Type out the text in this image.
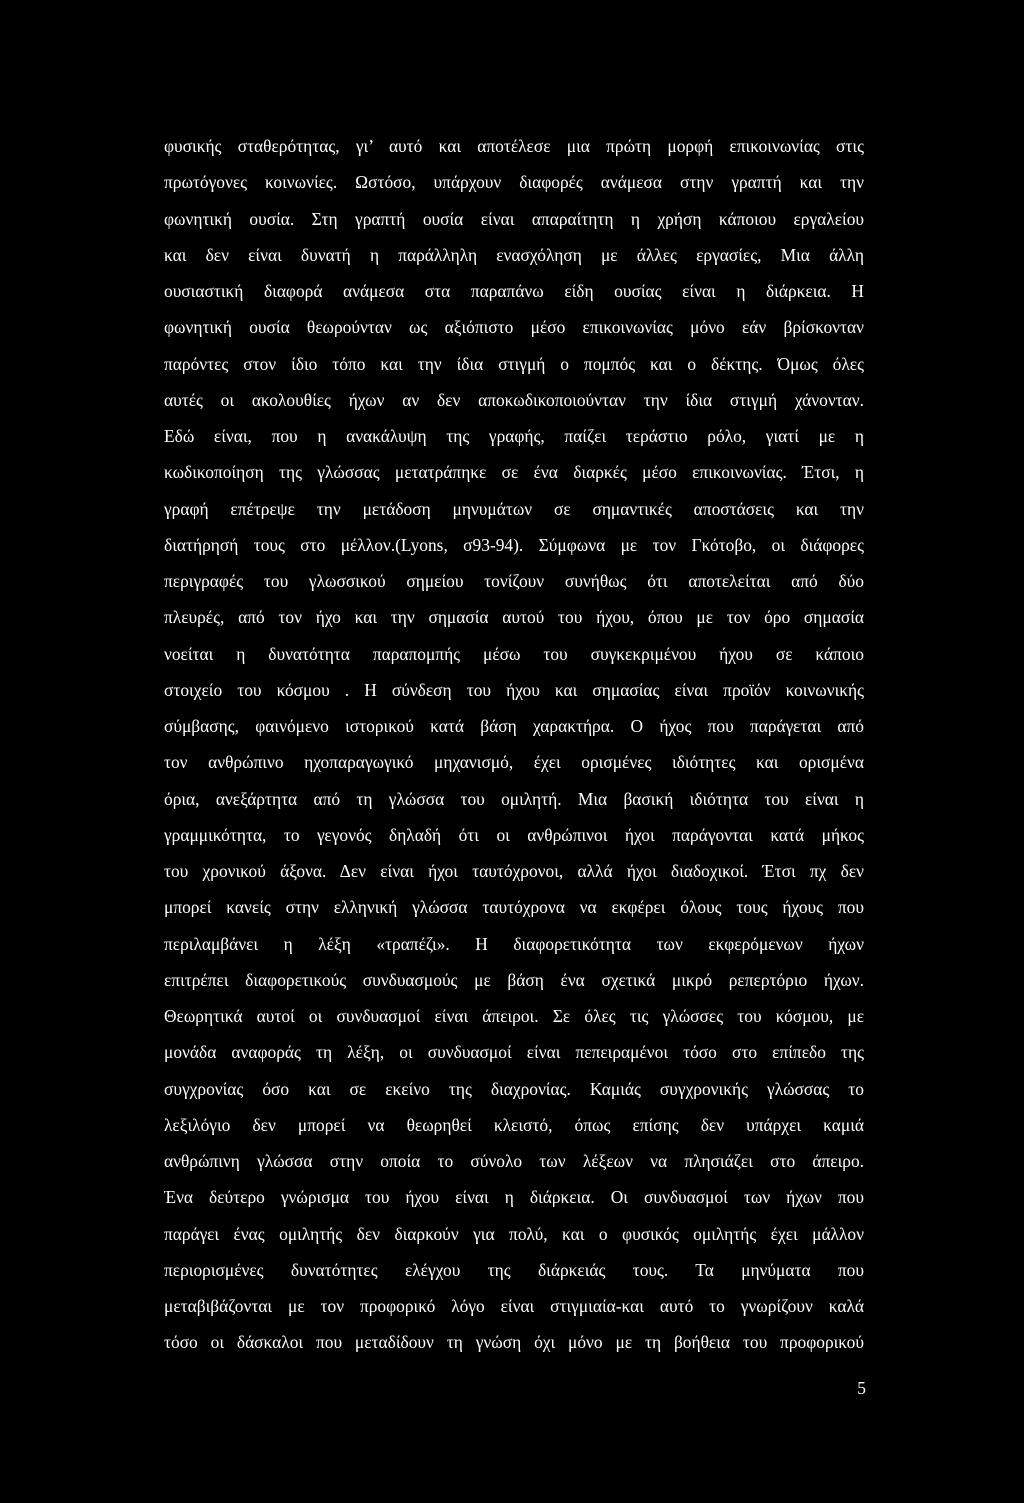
φυσικής σταθερότητας, γι’ αυτό και αποτέλεσε μια πρώτη μορφή επικοινωνίας στις
πρωτόγονες κοινωνίες. Ωστόσο, υπάρχουν διαφορές ανάμεσα στην γραπτή και την
φωνητική ουσία. Στη γραπτή ουσία είναι απαραίτητη η χρήση κάποιου εργαλείου
και δεν είναι δυνατή η παράλληλη ενασχόληση με άλλες εργασίες, Μια άλλη
ουσιαστική διαφορά ανάμεσα στα παραπάνω είδη ουσίας είναι η διάρκεια. Η
φωνητική ουσία θεωρούνταν ως αξιόπιστο μέσο επικοινωνίας μόνο εάν βρίσκονταν
παρόντες στον ίδιο τόπο και την ίδια στιγμή ο πομπός και ο δέκτης. Όμως όλες
αυτές οι ακολουθίες ήχων αν δεν αποκωδικοποιούνταν την ίδια στιγμή χάνονταν.
Εδώ είναι, που η ανακάλυψη της γραφής, παίζει τεράστιο ρόλο, γιατί με η
κωδικοποίηση της γλώσσας μετατράπηκε σε ένα διαρκές μέσο επικοινωνίας. Έτσι, η
γραφή επέτρεψε την μετάδοση μηνυμάτων σε σημαντικές αποστάσεις και την
διατήρησή τους στο μέλλον.(Lyons, σ93-94). Σύμφωνα με τον Γκότοβο, οι διάφορες
περιγραφές του γλωσσικού σημείου τονίζουν συνήθως ότι αποτελείται από δύο
πλευρές, από τον ήχο και την σημασία αυτού του ήχου, όπου με τον όρο σημασία
νοείται η δυνατότητα παραπομπής μέσω του συγκεκριμένου ήχου σε κάποιο
στοιχείο του κόσμου . Η σύνδεση του ήχου και σημασίας είναι προϊόν κοινωνικής
σύμβασης, φαινόμενο ιστορικού κατά βάση χαρακτήρα. Ο ήχος που παράγεται από
τον ανθρώπινο ηχοπαραγωγικό μηχανισμό, έχει ορισμένες ιδιότητες και ορισμένα
όρια, ανεξάρτητα από τη γλώσσα του ομιλητή. Μια βασική ιδιότητα του είναι η
γραμμικότητα, το γεγονός δηλαδή ότι οι ανθρώπινοι ήχοι παράγονται κατά μήκος
του χρονικού άξονα. Δεν είναι ήχοι ταυτόχρονοι, αλλά ήχοι διαδοχικοί. Έτσι πχ δεν
μπορεί κανείς στην ελληνική γλώσσα ταυτόχρονα να εκφέρει όλους τους ήχους που
περιλαμβάνει η λέξη «τραπέζι». Η διαφορετικότητα των εκφερόμενων ήχων
επιτρέπει διαφορετικούς συνδυασμούς με βάση ένα σχετικά μικρό ρεπερτόριο ήχων.
Θεωρητικά αυτοί οι συνδυασμοί είναι άπειροι. Σε όλες τις γλώσσες του κόσμου, με
μονάδα αναφοράς τη λέξη, οι συνδυασμοί είναι πεπειραμένοι τόσο στο επίπεδο της
συγχρονίας όσο και σε εκείνο της διαχρονίας. Καμιάς συγχρονικής γλώσσας το
λεξιλόγιο δεν μπορεί να θεωρηθεί κλειστό, όπως επίσης δεν υπάρχει καμιά
ανθρώπινη γλώσσα στην οποία το σύνολο των λέξεων να πλησιάζει στο άπειρο.
Ένα δεύτερο γνώρισμα του ήχου είναι η διάρκεια. Οι συνδυασμοί των ήχων που
παράγει ένας ομιλητής δεν διαρκούν για πολύ, και ο φυσικός ομιλητής έχει μάλλον
περιορισμένες δυνατότητες ελέγχου της διάρκειάς τους. Τα μηνύματα που
μεταβιβάζονται με τον προφορικό λόγο είναι στιγμιαία-και αυτό το γνωρίζουν καλά
τόσο οι δάσκαλοι που μεταδίδουν τη γνώση όχι μόνο με τη βοήθεια του προφορικού
5
